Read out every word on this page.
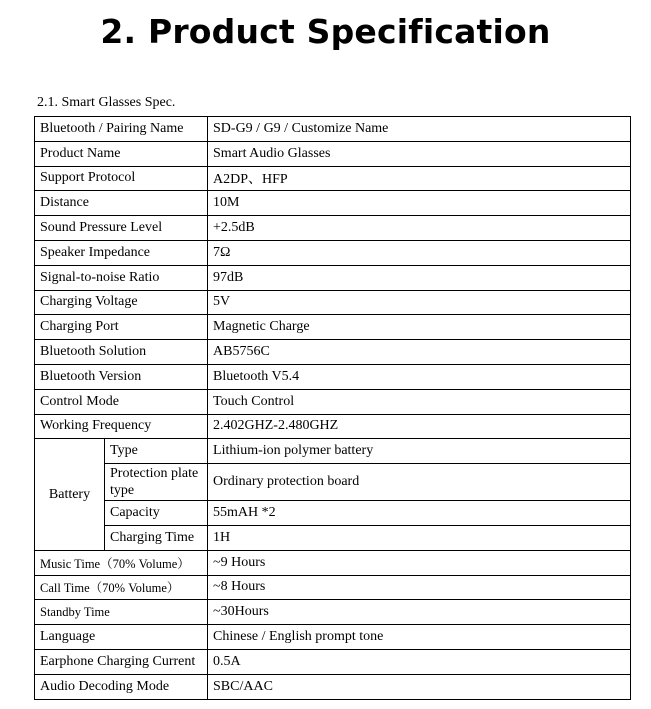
2. Product Specification
2.1. Smart Glasses Spec.
Bluetooth / Pairing Name		SD-G9 / G9 / Customize Name
Product Name		Smart Audio Glasses
Support Protocol		A2DP、HFP
Distance		10M
Sound Pressure Level		+2.5dB
Speaker Impedance		7Ω
Signal-to-noise Ratio		97dB
Charging Voltage		5V
Charging Port		Magnetic Charge
Bluetooth Solution		AB5756C
Bluetooth Version		Bluetooth V5.4
Control Mode		Touch Control
Working Frequency		2.402GHZ-2.480GHZ
Battery	Type	Lithium-ion polymer battery
	Protection plate type	Ordinary protection board
	Capacity	55mAH *2
	Charging Time	1H
Music Time（70% Volume）		~9 Hours
Call Time（70% Volume）		~8 Hours
Standby Time		~30Hours
Language		Chinese / English prompt tone
Earphone Charging Current		0.5A
Audio Decoding Mode		SBC/AAC
